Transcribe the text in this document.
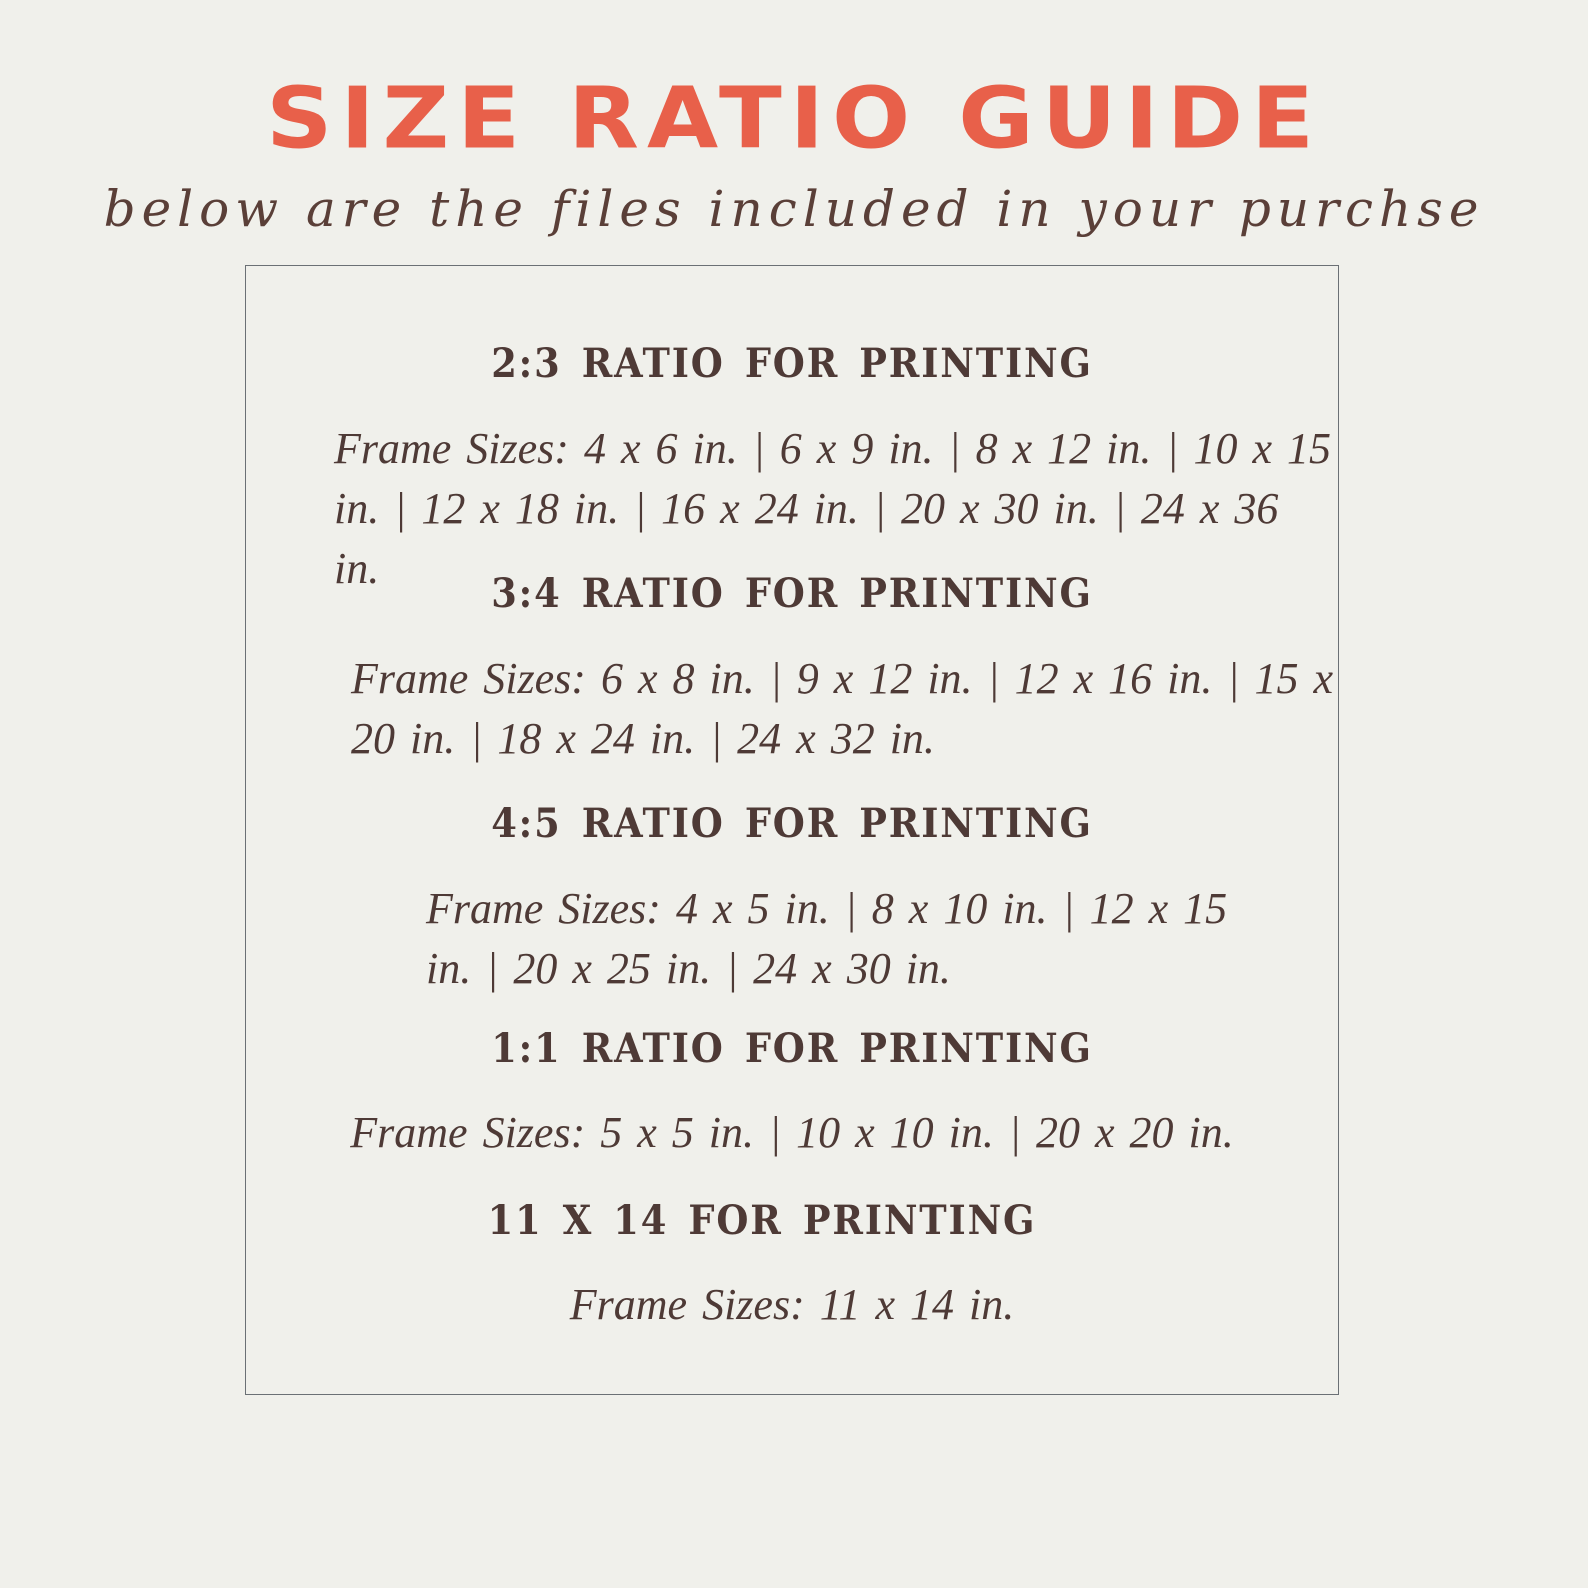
SIZE RATIO GUIDE

below are the files included in your purchse

2:3 RATIO FOR PRINTING

Frame Sizes: 4 x 6 in. | 6 x 9 in. | 8 x 12 in. | 10 x 15

in. | 12 x 18 in. | 16 x 24 in. | 20 x 30 in. | 24 x 36 in.

3:4 RATIO FOR PRINTING

Frame Sizes: 6 x 8 in. | 9 x 12 in. | 12 x 16 in. | 15 x

20 in. | 18 x 24 in. | 24 x 32 in.

4:5 RATIO FOR PRINTING

Frame Sizes: 4 x 5 in. | 8 x 10 in. | 12 x 15

in. | 20 x 25 in. | 24 x 30 in.

1:1 RATIO FOR PRINTING

Frame Sizes: 5 x 5 in. | 10 x 10 in. | 20 x 20 in.

11 X 14 FOR PRINTING

Frame Sizes: 11 x 14 in.
